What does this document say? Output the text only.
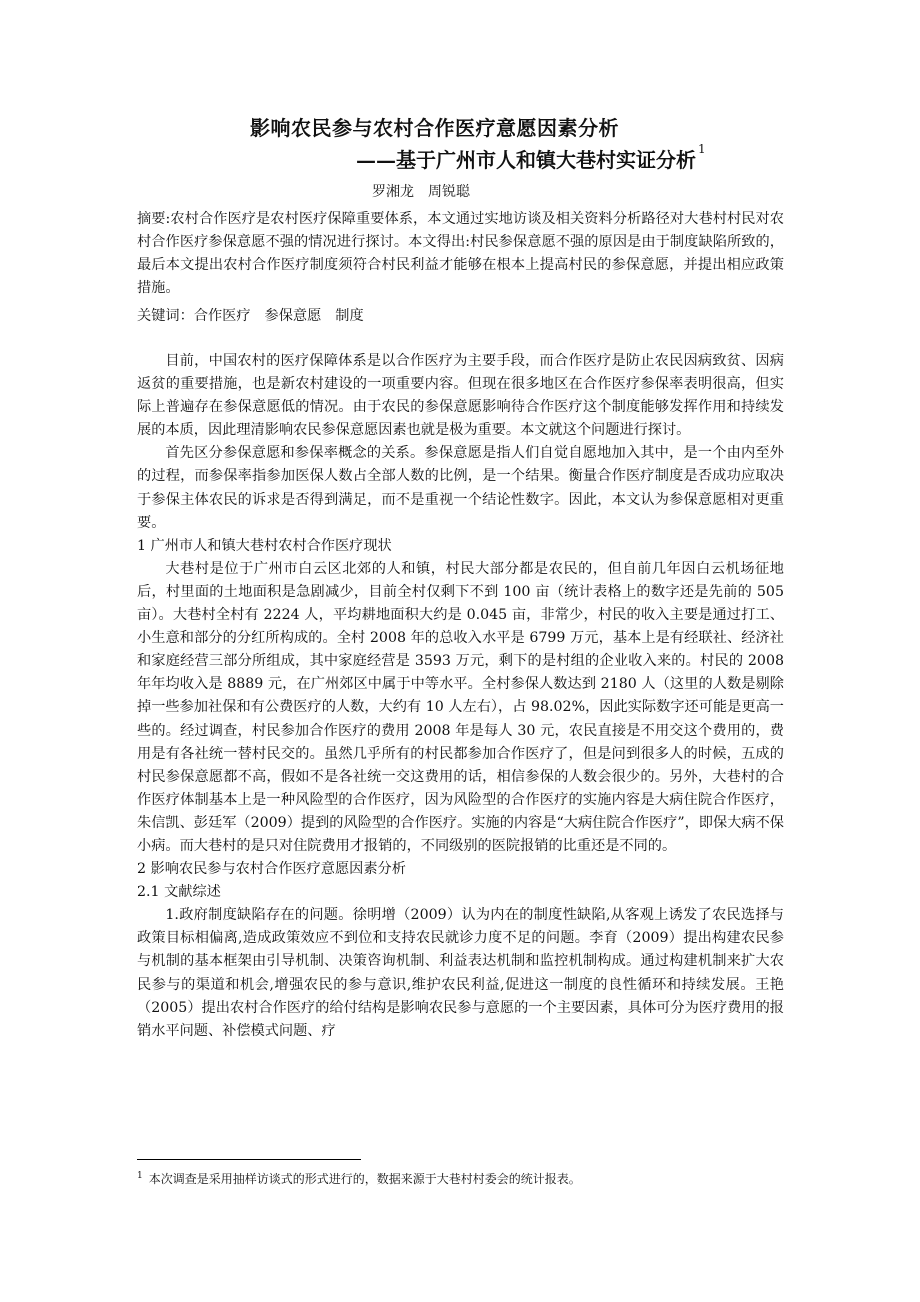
影响农民参与农村合作医疗意愿因素分析
——基于广州市人和镇大巷村实证分析 $^1$
罗湘龙 周锐聪
摘要:农村合作医疗是农村医疗保障重要体系，本文通过实地访谈及相关资料分析路径对大巷村村民对农村合作医疗参保意愿不强的情况进行探讨。本文得出:村民参保意愿不强的原因是由于制度缺陷所致的，最后本文提出农村合作医疗制度须符合村民利益才能够在根本上提高村民的参保意愿，并提出相应政策措施。
关键词：合作医疗 参保意愿 制度

目前，中国农村的医疗保障体系是以合作医疗为主要手段，而合作医疗是防止农民因病致贫、因病返贫的重要措施，也是新农村建设的一项重要内容。但现在很多地区在合作医疗参保率表明很高，但实际上普遍存在参保意愿低的情况。由于农民的参保意愿影响待合作医疗这个制度能够发挥作用和持续发展的本质，因此理清影响农民参保意愿因素也就是极为重要。本文就这个问题进行探讨。

首先区分参保意愿和参保率概念的关系。参保意愿是指人们自觉自愿地加入其中，是一个由内至外的过程，而参保率指参加医保人数占全部人数的比例，是一个结果。衡量合作医疗制度是否成功应取决于参保主体农民的诉求是否得到满足，而不是重视一个结论性数字。因此，本文认为参保意愿相对更重要。

1 广州市人和镇大巷村农村合作医疗现状

大巷村是位于广州市白云区北郊的人和镇，村民大部分都是农民的，但自前几年因白云机场征地后，村里面的土地面积是急剧减少，目前全村仅剩下不到 100 亩（统计表格上的数字还是先前的 505 亩）。大巷村全村有 2224 人，平均耕地面积大约是 0.045 亩，非常少，村民的收入主要是通过打工、小生意和部分的分红所构成的。全村 2008 年的总收入水平是 6799 万元，基本上是有经联社、经济社和家庭经营三部分所组成，其中家庭经营是 3593 万元，剩下的是村组的企业收入来的。村民的 2008 年年均收入是 8889 元，在广州郊区中属于中等水平。全村参保人数达到 2180 人（这里的人数是剔除掉一些参加社保和有公费医疗的人数，大约有 10 人左右），占 98.02%，因此实际数字还可能是更高一些的。经过调查，村民参加合作医疗的费用 2008 年是每人 30 元，农民直接是不用交这个费用的，费用是有各社统一替村民交的。虽然几乎所有的村民都参加合作医疗了，但是问到很多人的时候，五成的村民参保意愿都不高，假如不是各社统一交这费用的话，相信参保的人数会很少的。另外，大巷村的合作医疗体制基本上是一种风险型的合作医疗，因为风险型的合作医疗的实施内容是大病住院合作医疗，朱信凯、彭廷军（2009）提到的风险型的合作医疗。实施的内容是“大病住院合作医疗”，即保大病不保小病。而大巷村的是只对住院费用才报销的，不同级别的医院报销的比重还是不同的。

2 影响农民参与农村合作医疗意愿因素分析
2.1 文献综述

1.政府制度缺陷存在的问题。徐明增（2009）认为内在的制度性缺陷,从客观上诱发了农民选择与政策目标相偏离,造成政策效应不到位和支持农民就诊力度不足的问题。李育（2009）提出构建农民参与机制的基本框架由引导机制、决策咨询机制、利益表达机制和监控机制构成。通过构建机制来扩大农民参与的渠道和机会,增强农民的参与意识,维护农民利益,促进这一制度的良性循环和持续发展。王艳（2005）提出农村合作医疗的给付结构是影响农民参与意愿的一个主要因素，具体可分为医疗费用的报销水平问题、补偿模式问题、疗

$^1$ 本次调查是采用抽样访谈式的形式进行的，数据来源于大巷村村委会的统计报表。
